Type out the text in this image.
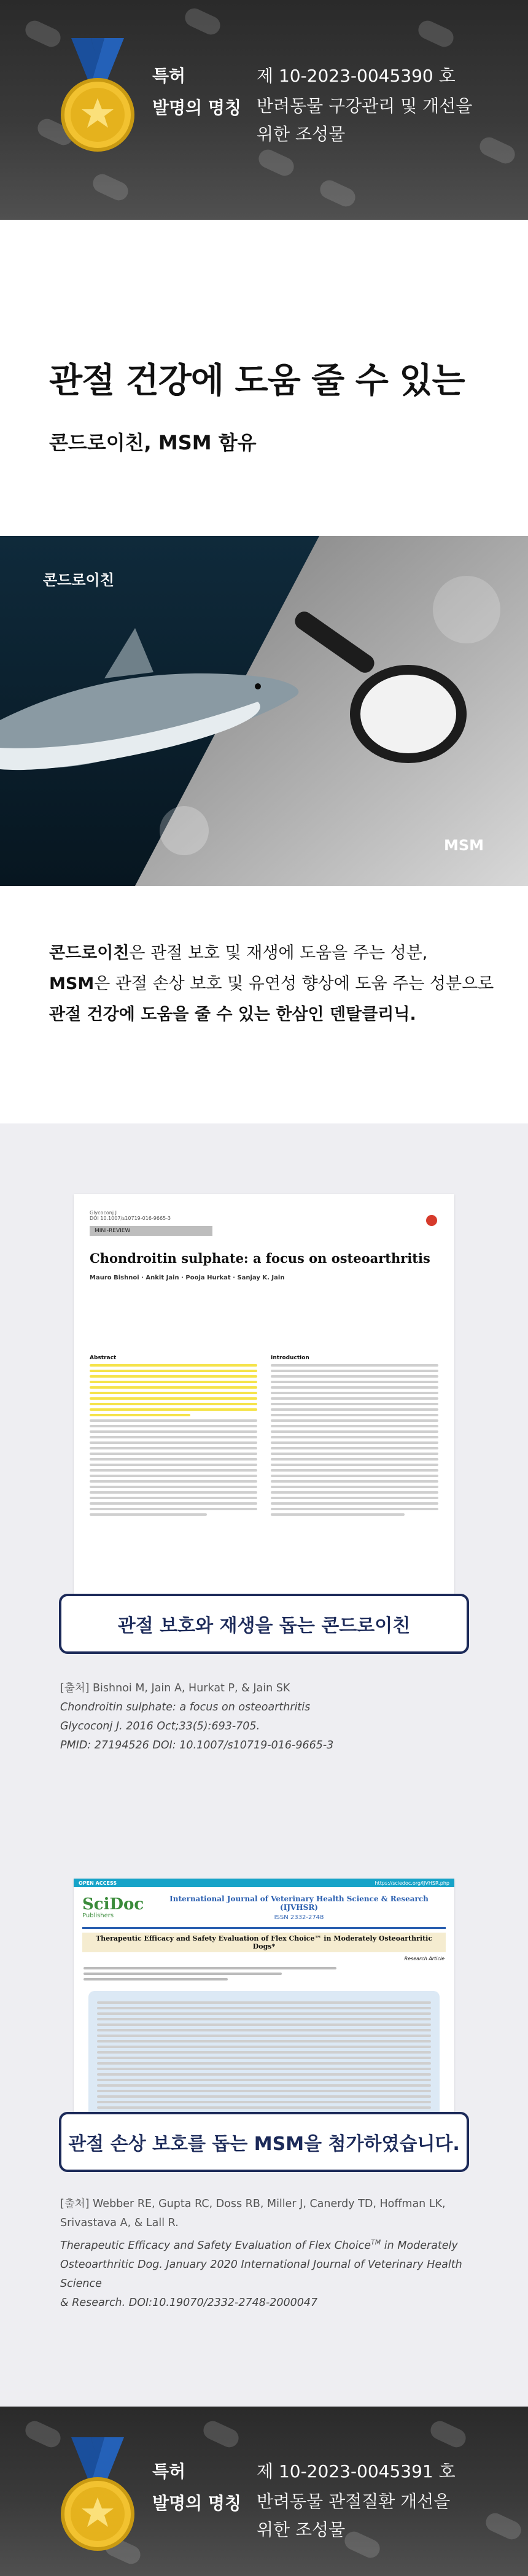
특허
발명의 명칭
제 10-2023-0045390 호
반려동물 구강관리 및 개선을
위한 조성물
관절 건강에 도움 줄 수 있는
콘드로이친, MSM 함유
콘드로이친
MSM

콘드로이친은 관절 보호 및 재생에 도움을 주는 성분,

MSM은 관절 손상 보호 및 유연성 향상에 도움 주는 성분으로

관절 건강에 도움을 줄 수 있는 한삼인 덴탈클리닉.

Glycoconj J
DOI 10.1007/s10719-016-9665-3
MINI-REVIEW
Chondroitin sulphate: a focus on osteoarthritis
Mauro Bishnoi · Ankit Jain · Pooja Hurkat · Sanjay K. Jain
Abstract	Introduction
관절 보호와 재생을 돕는 콘드로이친
[출처] Bishnoi M, Jain A, Hurkat P, & Jain SK
Chondroitin sulphate: a focus on osteoarthritis
Glycoconj J. 2016 Oct;33(5):693-705.
PMID: 27194526 DOI: 10.1007/s10719-016-9665-3
OPEN ACCESS	https://sciedoc.org/IJVHSR.php
SciDoc
Publishers
International Journal of Veterinary Health Science & Research (IJVHSR)
ISSN 2332-2748
Therapeutic Efficacy and Safety Evaluation of Flex Choice™ in Moderately Osteoarthritic Dogs*
Research Article
관절 손상 보호를 돕는 MSM을 첨가하였습니다.
[출처] Webber RE, Gupta RC, Doss RB, Miller J, Canerdy TD, Hoffman LK, Srivastava A, & Lall R.
Therapeutic Efficacy and Safety Evaluation of Flex Choice™ in Moderately
Osteoarthritic Dog. January 2020 International Journal of Veterinary Health Science
& Research. DOI:10.19070/2332-2748-2000047
특허
발명의 명칭
제 10-2023-0045391 호
반려동물 관절질환 개선을
위한 조성물
